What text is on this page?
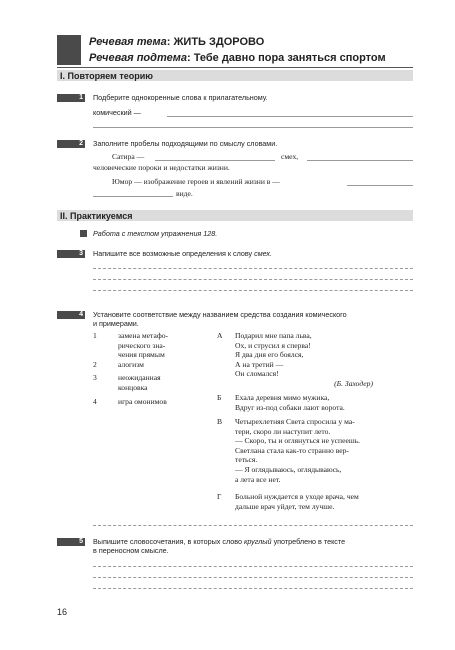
Речевая тема: ЖИТЬ ЗДОРОВО
Речевая подтема: Тебе давно пора заняться спортом
I. Повторяем теорию
1 Подберите однокоренные слова к прилагательному.
комический —
2 Заполните пробелы подходящими по смыслу словами.
Сатира —	смех,
человеческие пороки и недостатки жизни.
Юмор — изображение героев и явлений жизни в —
виде.
II. Практикуемся
Работа с текстом упражнения 128.
3 Напишите все возможные определения к слову смех.
4 Установите соответствие между названием средства создания комического
и примерами.
1	замена метафо-
рического зна-
чения прямым
2	алогизм
3	неожиданная
концовка
4	игра омонимов
А Подарил мне папа льва,
Ох, и струсил я сперва!
Я два дня его боялся,
А на третий —
Он сломался!
(Б. Заходер)
Б Ехала деревня мимо мужика,
Вдруг из-под собаки лают ворота.
В Четырехлетняя Света спросила у ма-
тери, скоро ли наступит лето.
— Скоро, ты и оглянуться не успеешь.
Светлана стала как-то странно вер-
теться.
— Я оглядываюсь, оглядываюсь,
а лета все нет.
Г Больной нуждается в уходе врача, чем
дальше врач уйдет, тем лучше.
5 Выпишите словосочетания, в которых слово круглый употреблено в тексте
в переносном смысле.
16
